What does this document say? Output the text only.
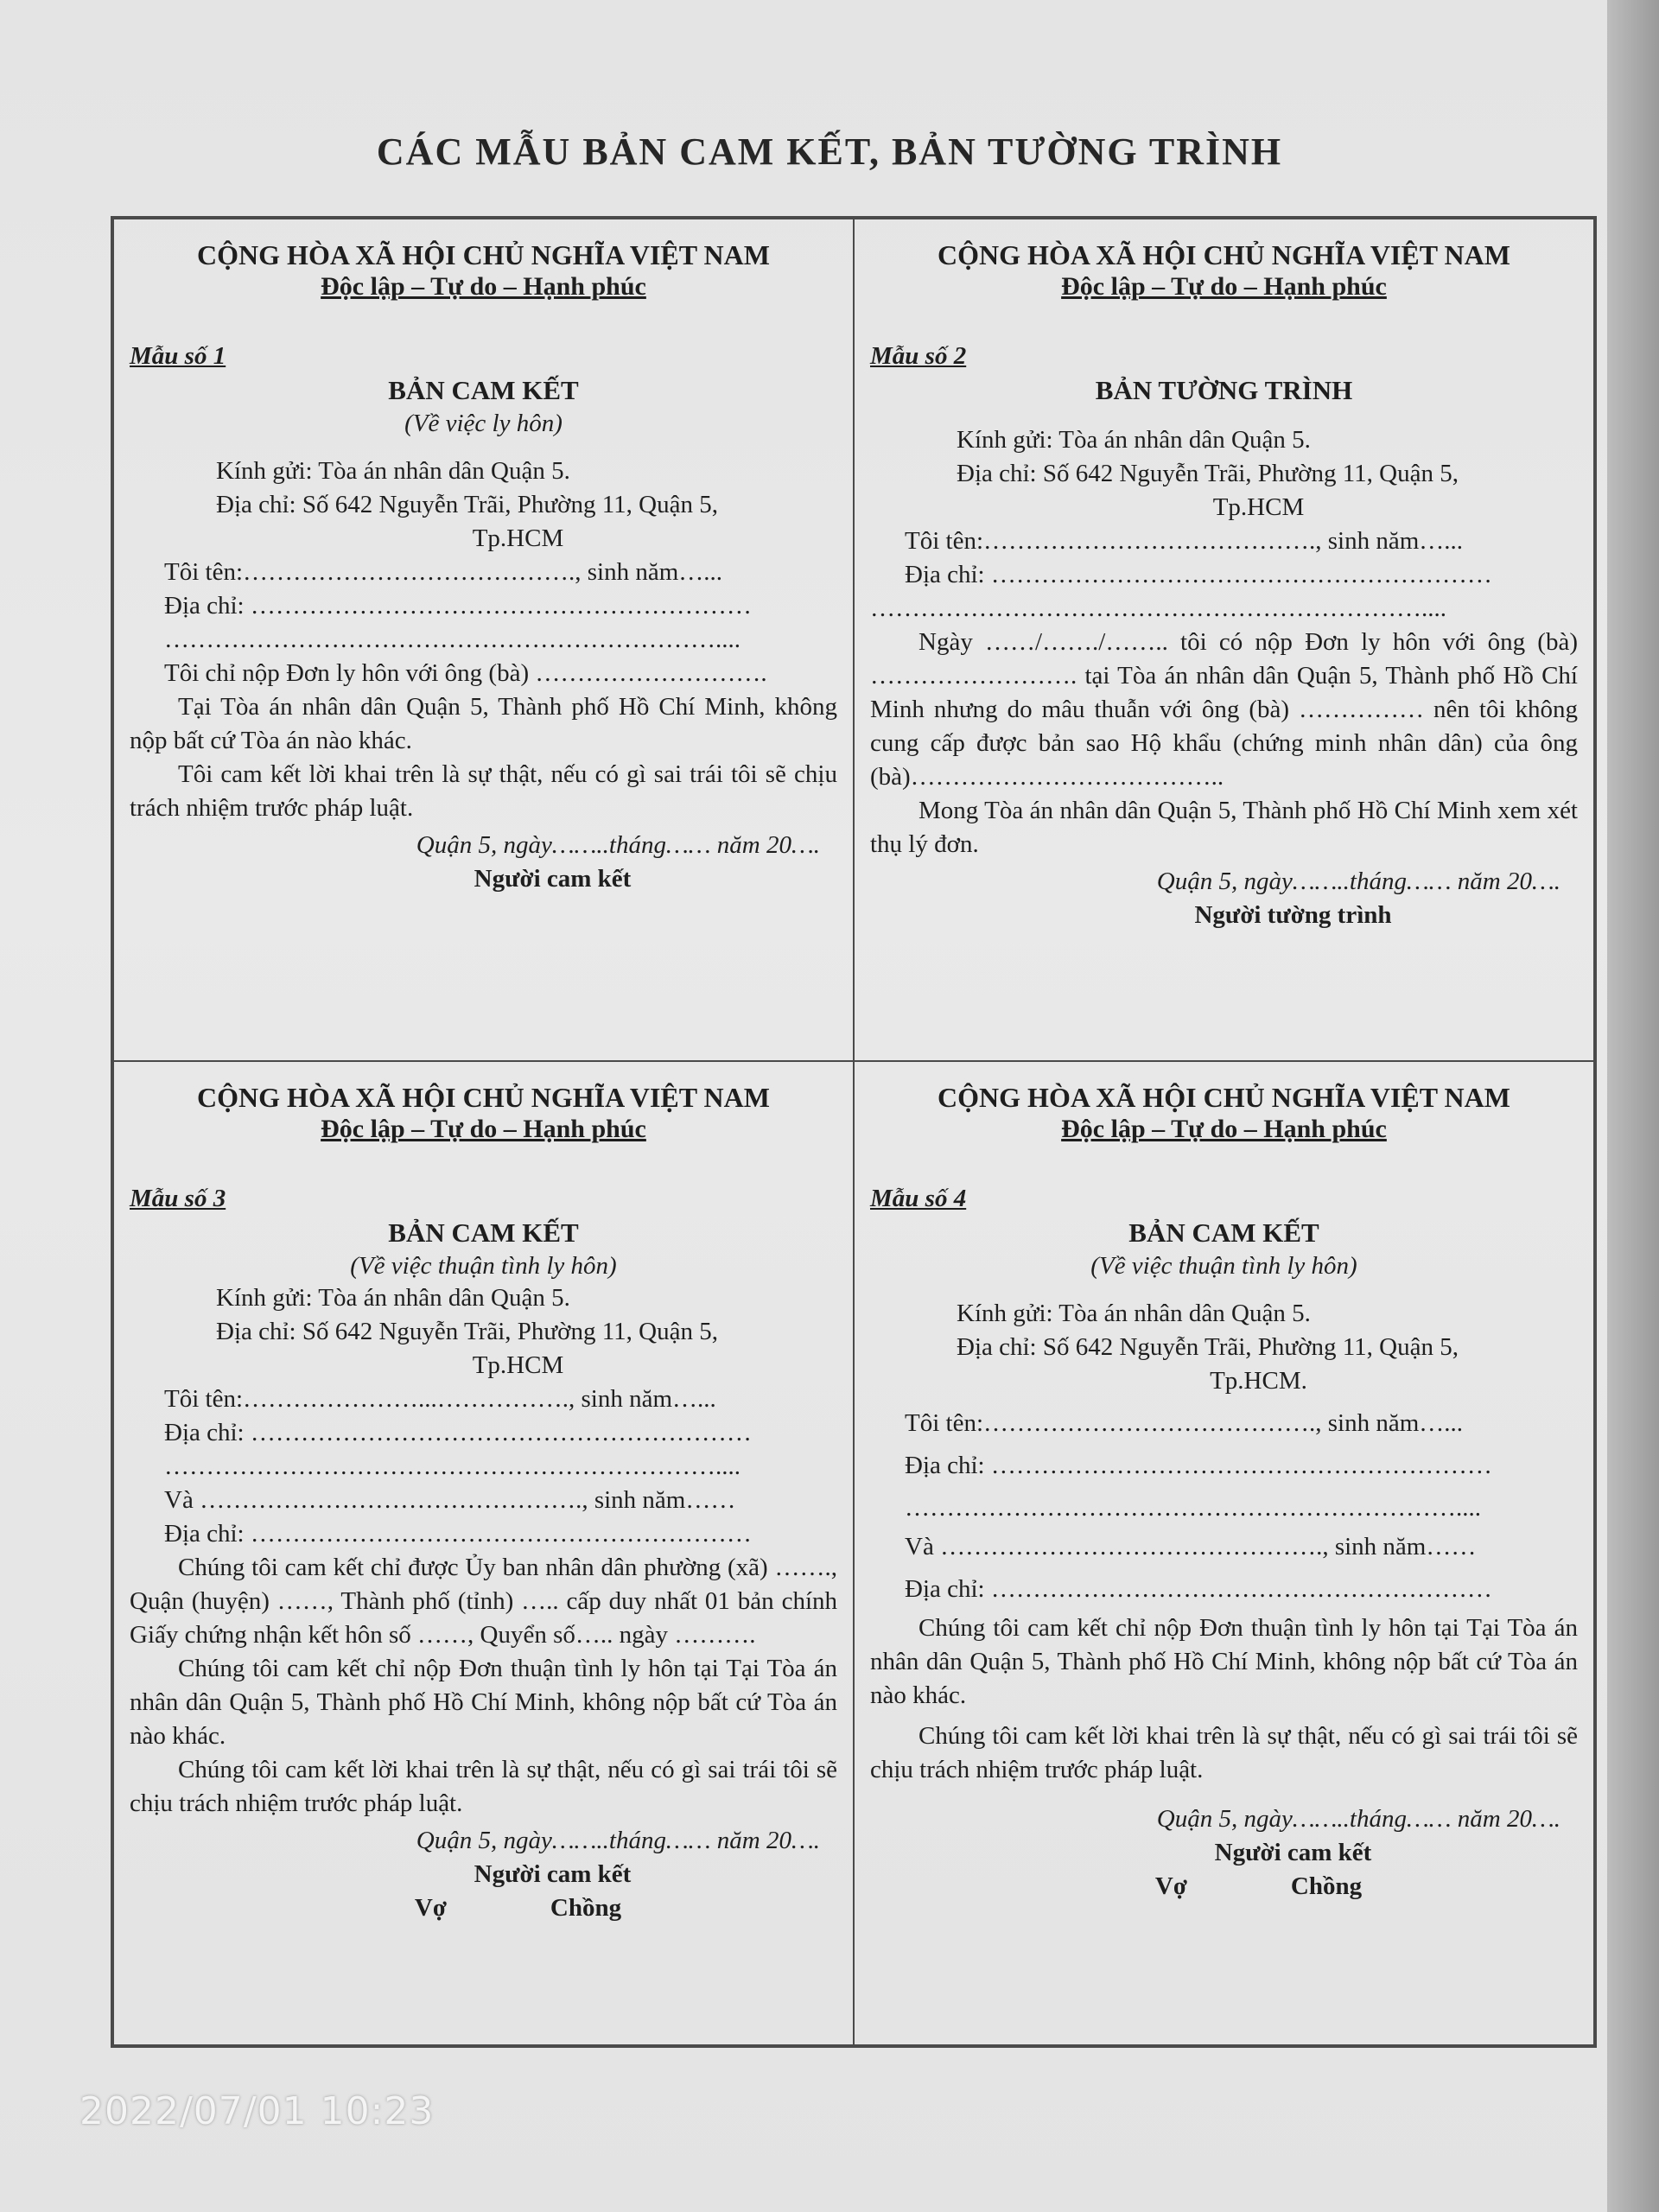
CÁC MẪU BẢN CAM KẾT, BẢN TƯỜNG TRÌNH
CỘNG HÒA XÃ HỘI CHỦ NGHĨA VIỆT NAM
Độc lập – Tự do – Hạnh phúc
Mẫu số 1
BẢN CAM KẾT
(Về việc ly hôn)
Kính gửi: Tòa án nhân dân Quận 5.
Địa chỉ: Số 642 Nguyễn Trãi, Phường 11, Quận 5,
Tp.HCM
Tôi tên:…………………………………., sinh năm…...
Địa chỉ: ……………………………………………………
…………………………………………………………....
Tôi chỉ nộp Đơn ly hôn với ông (bà) ……………………….
Tại Tòa án nhân dân Quận 5, Thành phố Hồ Chí Minh, không nộp bất cứ Tòa án nào khác.
Tôi cam kết lời khai trên là sự thật, nếu có gì sai trái tôi sẽ chịu trách nhiệm trước pháp luật.
Quận 5, ngày……..tháng…… năm 20….
Người cam kết
CỘNG HÒA XÃ HỘI CHỦ NGHĨA VIỆT NAM
Độc lập – Tự do – Hạnh phúc
Mẫu số 2
BẢN TƯỜNG TRÌNH
Kính gửi: Tòa án nhân dân Quận 5.
Địa chỉ: Số 642 Nguyễn Trãi, Phường 11, Quận 5,
Tp.HCM
Tôi tên:…………………………………., sinh năm…...
Địa chỉ: ……………………………………………………
…………………………………………………………....
Ngày ……/……./…….. tôi có nộp Đơn ly hôn với ông (bà) ……………………. tại Tòa án nhân dân Quận 5, Thành phố Hồ Chí Minh nhưng do mâu thuẫn với ông (bà) …………… nên tôi không cung cấp được bản sao Hộ khẩu (chứng minh nhân dân) của ông (bà)………………………………..
Mong Tòa án nhân dân Quận 5, Thành phố Hồ Chí Minh xem xét thụ lý đơn.
Quận 5, ngày……..tháng…… năm 20….
Người tường trình
CỘNG HÒA XÃ HỘI CHỦ NGHĨA VIỆT NAM
Độc lập – Tự do – Hạnh phúc
Mẫu số 3
BẢN CAM KẾT
(Về việc thuận tình ly hôn)
Kính gửi: Tòa án nhân dân Quận 5.
Địa chỉ: Số 642 Nguyễn Trãi, Phường 11, Quận 5,
Tp.HCM
Tôi tên:…………………...……………., sinh năm…...
Địa chỉ: ……………………………………………………
…………………………………………………………....
Và ………………………………………., sinh năm……
Địa chỉ: ……………………………………………………
Chúng tôi cam kết chỉ được Ủy ban nhân dân phường (xã) ……., Quận (huyện) ……, Thành phố (tỉnh) ….. cấp duy nhất 01 bản chính Giấy chứng nhận kết hôn số ……, Quyển số….. ngày ……….
Chúng tôi cam kết chỉ nộp Đơn thuận tình ly hôn tại Tại Tòa án nhân dân Quận 5, Thành phố Hồ Chí Minh, không nộp bất cứ Tòa án nào khác.
Chúng tôi cam kết lời khai trên là sự thật, nếu có gì sai trái tôi sẽ chịu trách nhiệm trước pháp luật.
Quận 5, ngày……..tháng…… năm 20….
Người cam kết
Vợ	Chồng
CỘNG HÒA XÃ HỘI CHỦ NGHĨA VIỆT NAM
Độc lập – Tự do – Hạnh phúc
Mẫu số 4
BẢN CAM KẾT
(Về việc thuận tình ly hôn)
Kính gửi: Tòa án nhân dân Quận 5.
Địa chỉ: Số 642 Nguyễn Trãi, Phường 11, Quận 5,
Tp.HCM.
Tôi tên:…………………………………., sinh năm…...
Địa chỉ: ……………………………………………………
…………………………………………………………....
Và ………………………………………., sinh năm……
Địa chỉ: ……………………………………………………
Chúng tôi cam kết chỉ nộp Đơn thuận tình ly hôn tại Tại Tòa án nhân dân Quận 5, Thành phố Hồ Chí Minh, không nộp bất cứ Tòa án nào khác.
Chúng tôi cam kết lời khai trên là sự thật, nếu có gì sai trái tôi sẽ chịu trách nhiệm trước pháp luật.
Quận 5, ngày……..tháng…… năm 20….
Người cam kết
Vợ	Chồng
2022/07/01 10:23
